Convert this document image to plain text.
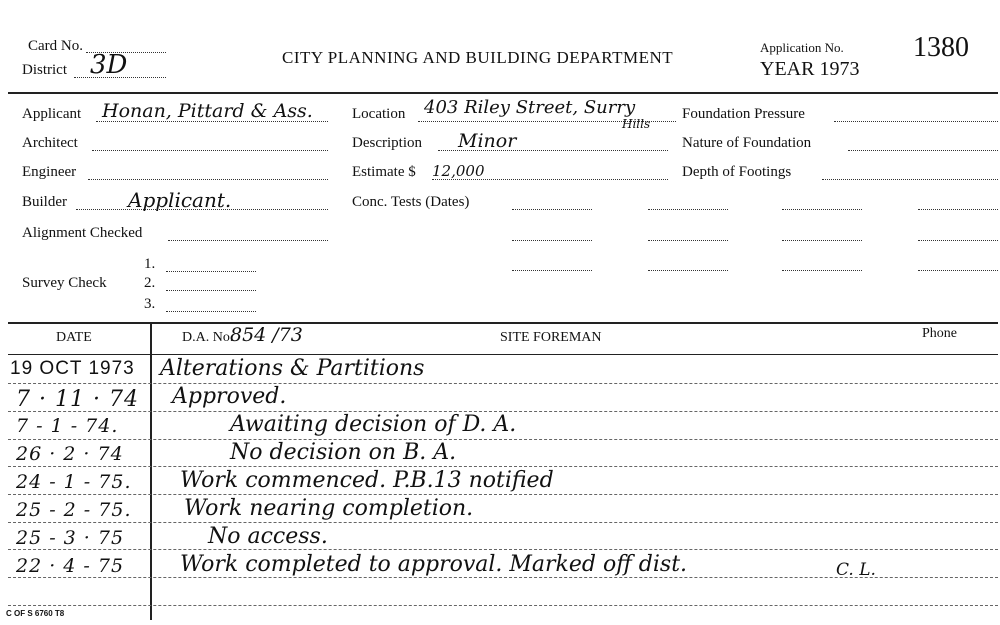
Card No.
District 3D	CITY PLANNING AND BUILDING DEPARTMENT
Application No.
YEAR 1973
1380
Applicant Honan, Pittard & Ass.
Architect
Engineer
Builder	Applicant.
Alignment Checked
Survey Check
1.
2.
3.
Location 403 Riley Street, Surry
Hills
Description Minor
Estimate $ 12,000
Conc. Tests (Dates)
Foundation Pressure
Nature of Foundation
Depth of Footings
DATE	D.A. No.
854 /73	SITE FOREMAN	Phone
19 OCT 1973 Alterations & Partitions
7 · 11 · 74 Approved.
7 - 1 - 74.	Awaiting decision of D. A.
26 · 2 · 74	No decision on B. A.
24 - 1 - 75. Work commenced. P.B.13 notified
25 - 2 - 75. Work nearing completion.
25 - 3 · 75	No access.
22 · 4 - 75	Work completed to approval. Marked off dist.	C. L.
C OF S 6760 T8
